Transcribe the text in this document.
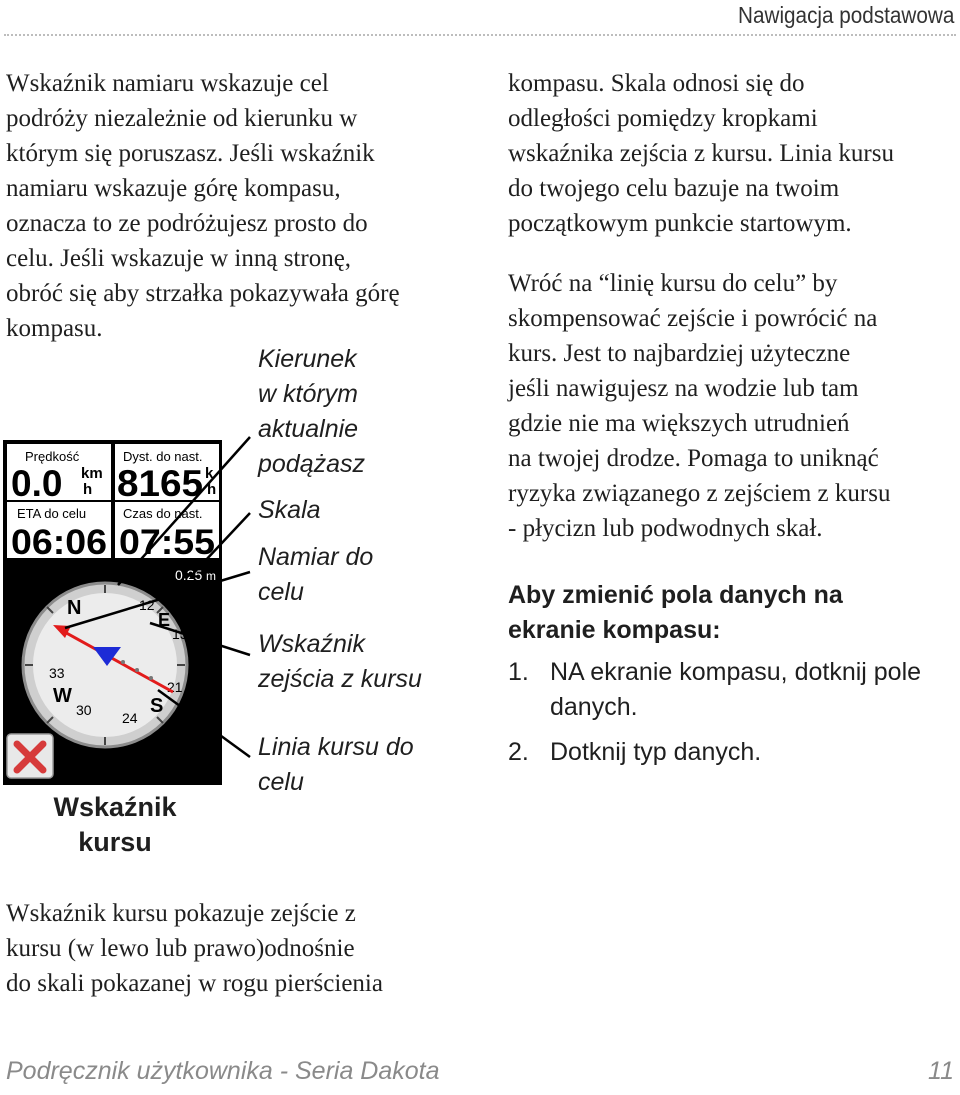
Nawigacja podstawowa
Wskaźnik namiaru wskazuje cel
podróży niezależnie od kierunku w
którym się poruszasz. Jeśli wskaźnik
namiaru wskazuje górę kompasu,
oznacza to ze podróżujesz prosto do
celu. Jeśli wskazuje w inną stronę,
obróć się aby strzałka pokazywała górę
kompasu.
Prędkość
0.0 km
h
Dyst. do nast.
8165 k
h
ETA do celu
06:06
Czas do nast.
07:55
0.25 m
N
E
S
W
12
15
21
24
30
33
Kierunek
w którym
aktualnie
podążasz
Skala
Namiar do
celu
Wskaźnik
zejścia z kursu
Linia kursu do
celu
Wskaźnik
kursu
Wskaźnik kursu pokazuje zejście z
kursu (w lewo lub prawo)odnośnie
do skali pokazanej w rogu pierścienia
kompasu. Skala odnosi się do
odległości pomiędzy kropkami
wskaźnika zejścia z kursu. Linia kursu
do twojego celu bazuje na twoim
początkowym punkcie startowym.
Wróć na “linię kursu do celu” by
skompensować zejście i powrócić na
kurs. Jest to najbardziej użyteczne
jeśli nawigujesz na wodzie lub tam
gdzie nie ma większych utrudnień
na twojej drodze. Pomaga to uniknąć
ryzyka związanego z zejściem z kursu
- płycizn lub podwodnych skał.
Aby zmienić pola danych na
ekranie kompasu:
1. NA ekranie kompasu, dotknij pole
danych.
2. Dotknij typ danych.
Podręcznik użytkownika - Seria Dakota	11
